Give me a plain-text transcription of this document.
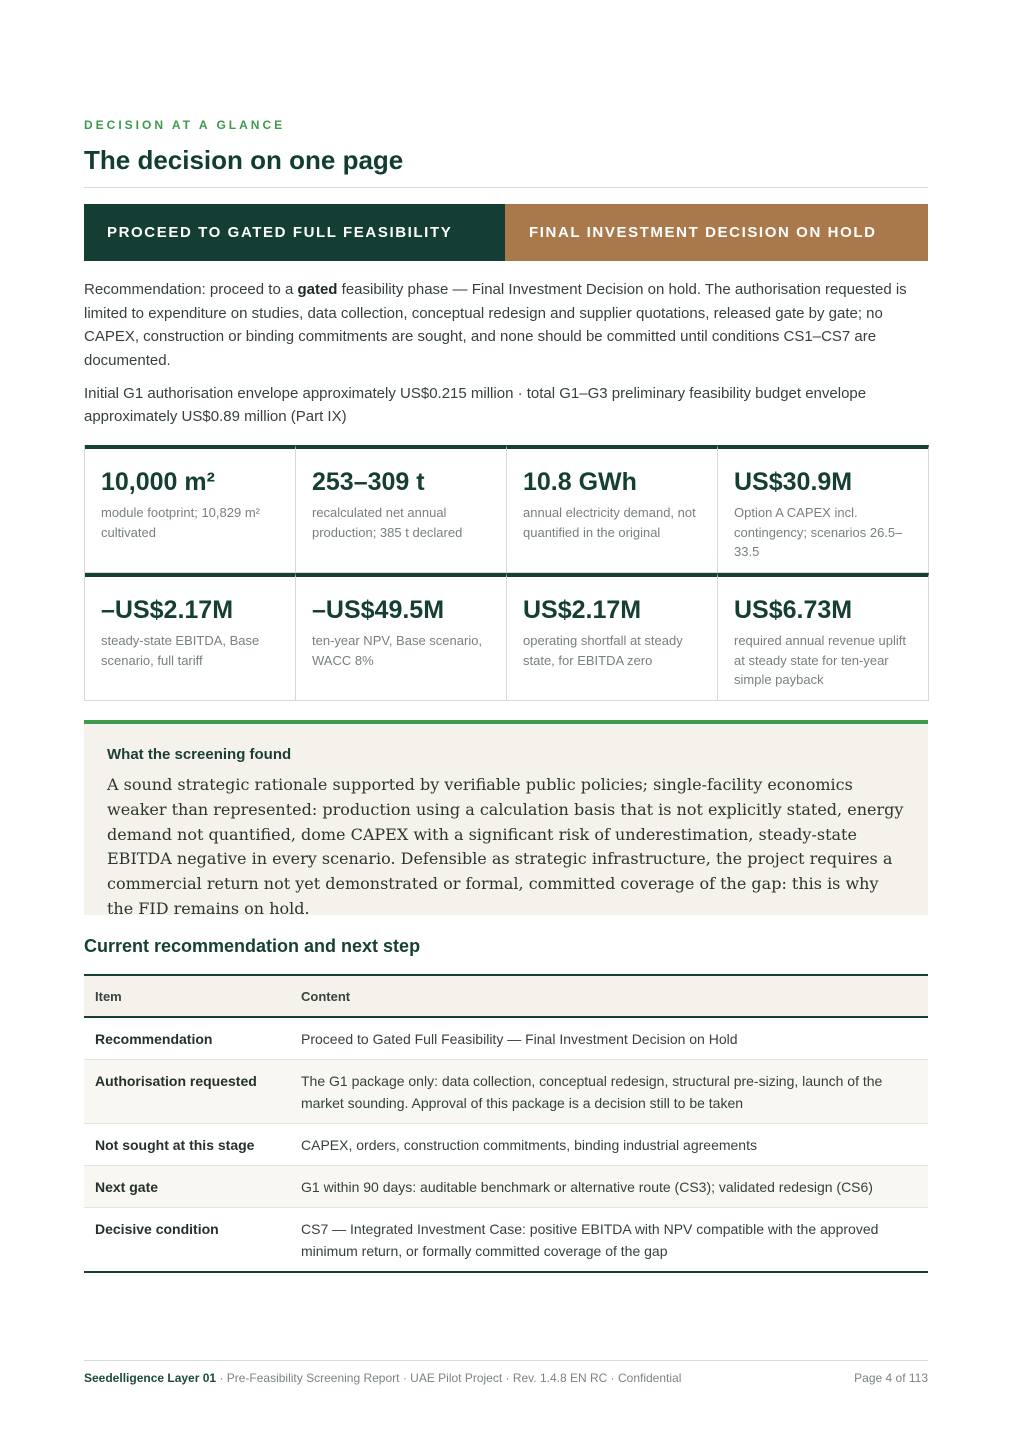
DECISION AT A GLANCE
The decision on one page
PROCEED TO GATED FULL FEASIBILITY	FINAL INVESTMENT DECISION ON HOLD

Recommendation: proceed to a gated feasibility phase — Final Investment Decision on hold. The authorisation requested is limited to expenditure on studies, data collection, conceptual redesign and supplier quotations, released gate by gate; no CAPEX, construction or binding commitments are sought, and none should be committed until conditions CS1–CS7 are documented.

Initial G1 authorisation envelope approximately US$0.215 million · total G1–G3 preliminary feasibility budget envelope approximately US$0.89 million (Part IX)

10,000 m²
module footprint; 10,829 m² cultivated
253–309 t
recalculated net annual production; 385 t declared
10.8 GWh
annual electricity demand, not quantified in the original
US$30.9M
Option A CAPEX incl. contingency; scenarios 26.5–33.5
–US$2.17M
steady-state EBITDA, Base scenario, full tariff
–US$49.5M
ten-year NPV, Base scenario, WACC 8%
US$2.17M
operating shortfall at steady state, for EBITDA zero
US$6.73M
required annual revenue uplift at steady state for ten-year simple payback
What the screening found

A sound strategic rationale supported by verifiable public policies; single-facility economics weaker than represented: production using a calculation basis that is not explicitly stated, energy demand not quantified, dome CAPEX with a significant risk of underestimation, steady-state EBITDA negative in every scenario. Defensible as strategic infrastructure, the project requires a commercial return not yet demonstrated or formal, committed coverage of the gap: this is why the FID remains on hold.

Current recommendation and next step
Item	Content
Recommendation	Proceed to Gated Full Feasibility — Final Investment Decision on Hold
Authorisation requested	The G1 package only: data collection, conceptual redesign, structural pre-sizing, launch of the market sounding. Approval of this package is a decision still to be taken
Not sought at this stage	CAPEX, orders, construction commitments, binding industrial agreements
Next gate	G1 within 90 days: auditable benchmark or alternative route (CS3); validated redesign (CS6)
Decisive condition	CS7 — Integrated Investment Case: positive EBITDA with NPV compatible with the approved minimum return, or formally committed coverage of the gap
Seedelligence Layer 01 · Pre-Feasibility Screening Report · UAE Pilot Project · Rev. 1.4.8 EN RC · Confidential	Page 4 of 113
